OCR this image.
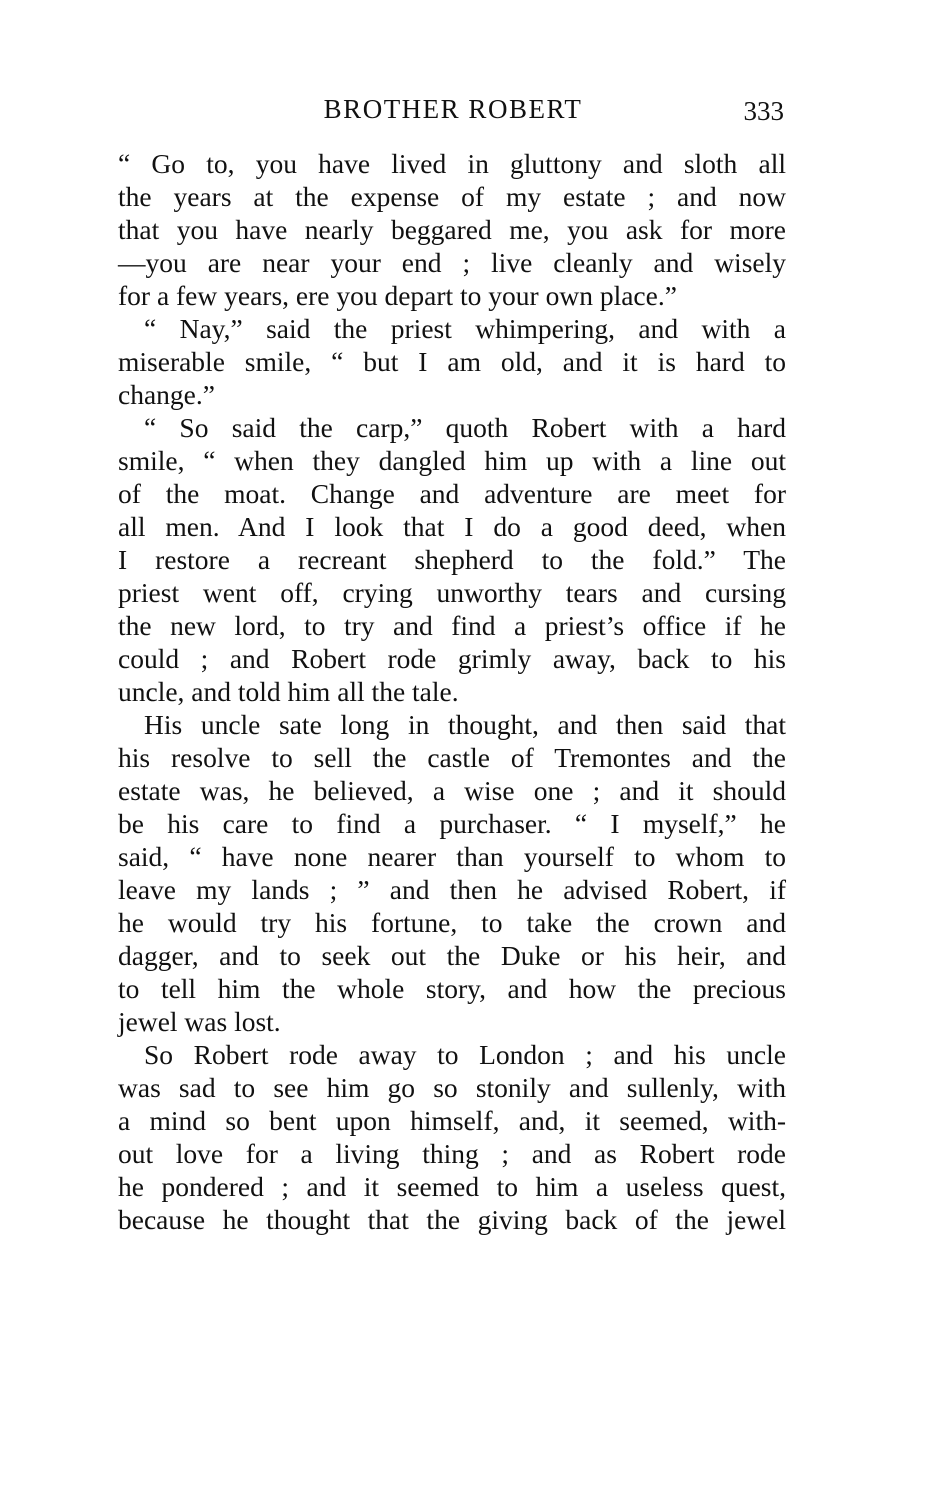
BROTHER ROBERT	333
“ Go to, you have lived in gluttony and sloth all
the years at the expense of my estate ; and now
that you have nearly beggared me, you ask for more
—you are near your end ; live cleanly and wisely
for a few years, ere you depart to your own place.”
“ Nay,” said the priest whimpering, and with a
miserable smile, “ but I am old, and it is hard to
change.”
“ So said the carp,” quoth Robert with a hard
smile, “ when they dangled him up with a line out
of the moat. Change and adventure are meet for
all men. And I look that I do a good deed, when
I restore a recreant shepherd to the fold.” The
priest went off, crying unworthy tears and cursing
the new lord, to try and find a priest’s office if he
could ; and Robert rode grimly away, back to his
uncle, and told him all the tale.
His uncle sate long in thought, and then said that
his resolve to sell the castle of Tremontes and the
estate was, he believed, a wise one ; and it should
be his care to find a purchaser. “ I myself,” he
said, “ have none nearer than yourself to whom to
leave my lands ; ” and then he advised Robert, if
he would try his fortune, to take the crown and
dagger, and to seek out the Duke or his heir, and
to tell him the whole story, and how the precious
jewel was lost.
So Robert rode away to London ; and his uncle
was sad to see him go so stonily and sullenly, with
a mind so bent upon himself, and, it seemed, with-
out love for a living thing ; and as Robert rode
he pondered ; and it seemed to him a useless quest,
because he thought that the giving back of the jewel
